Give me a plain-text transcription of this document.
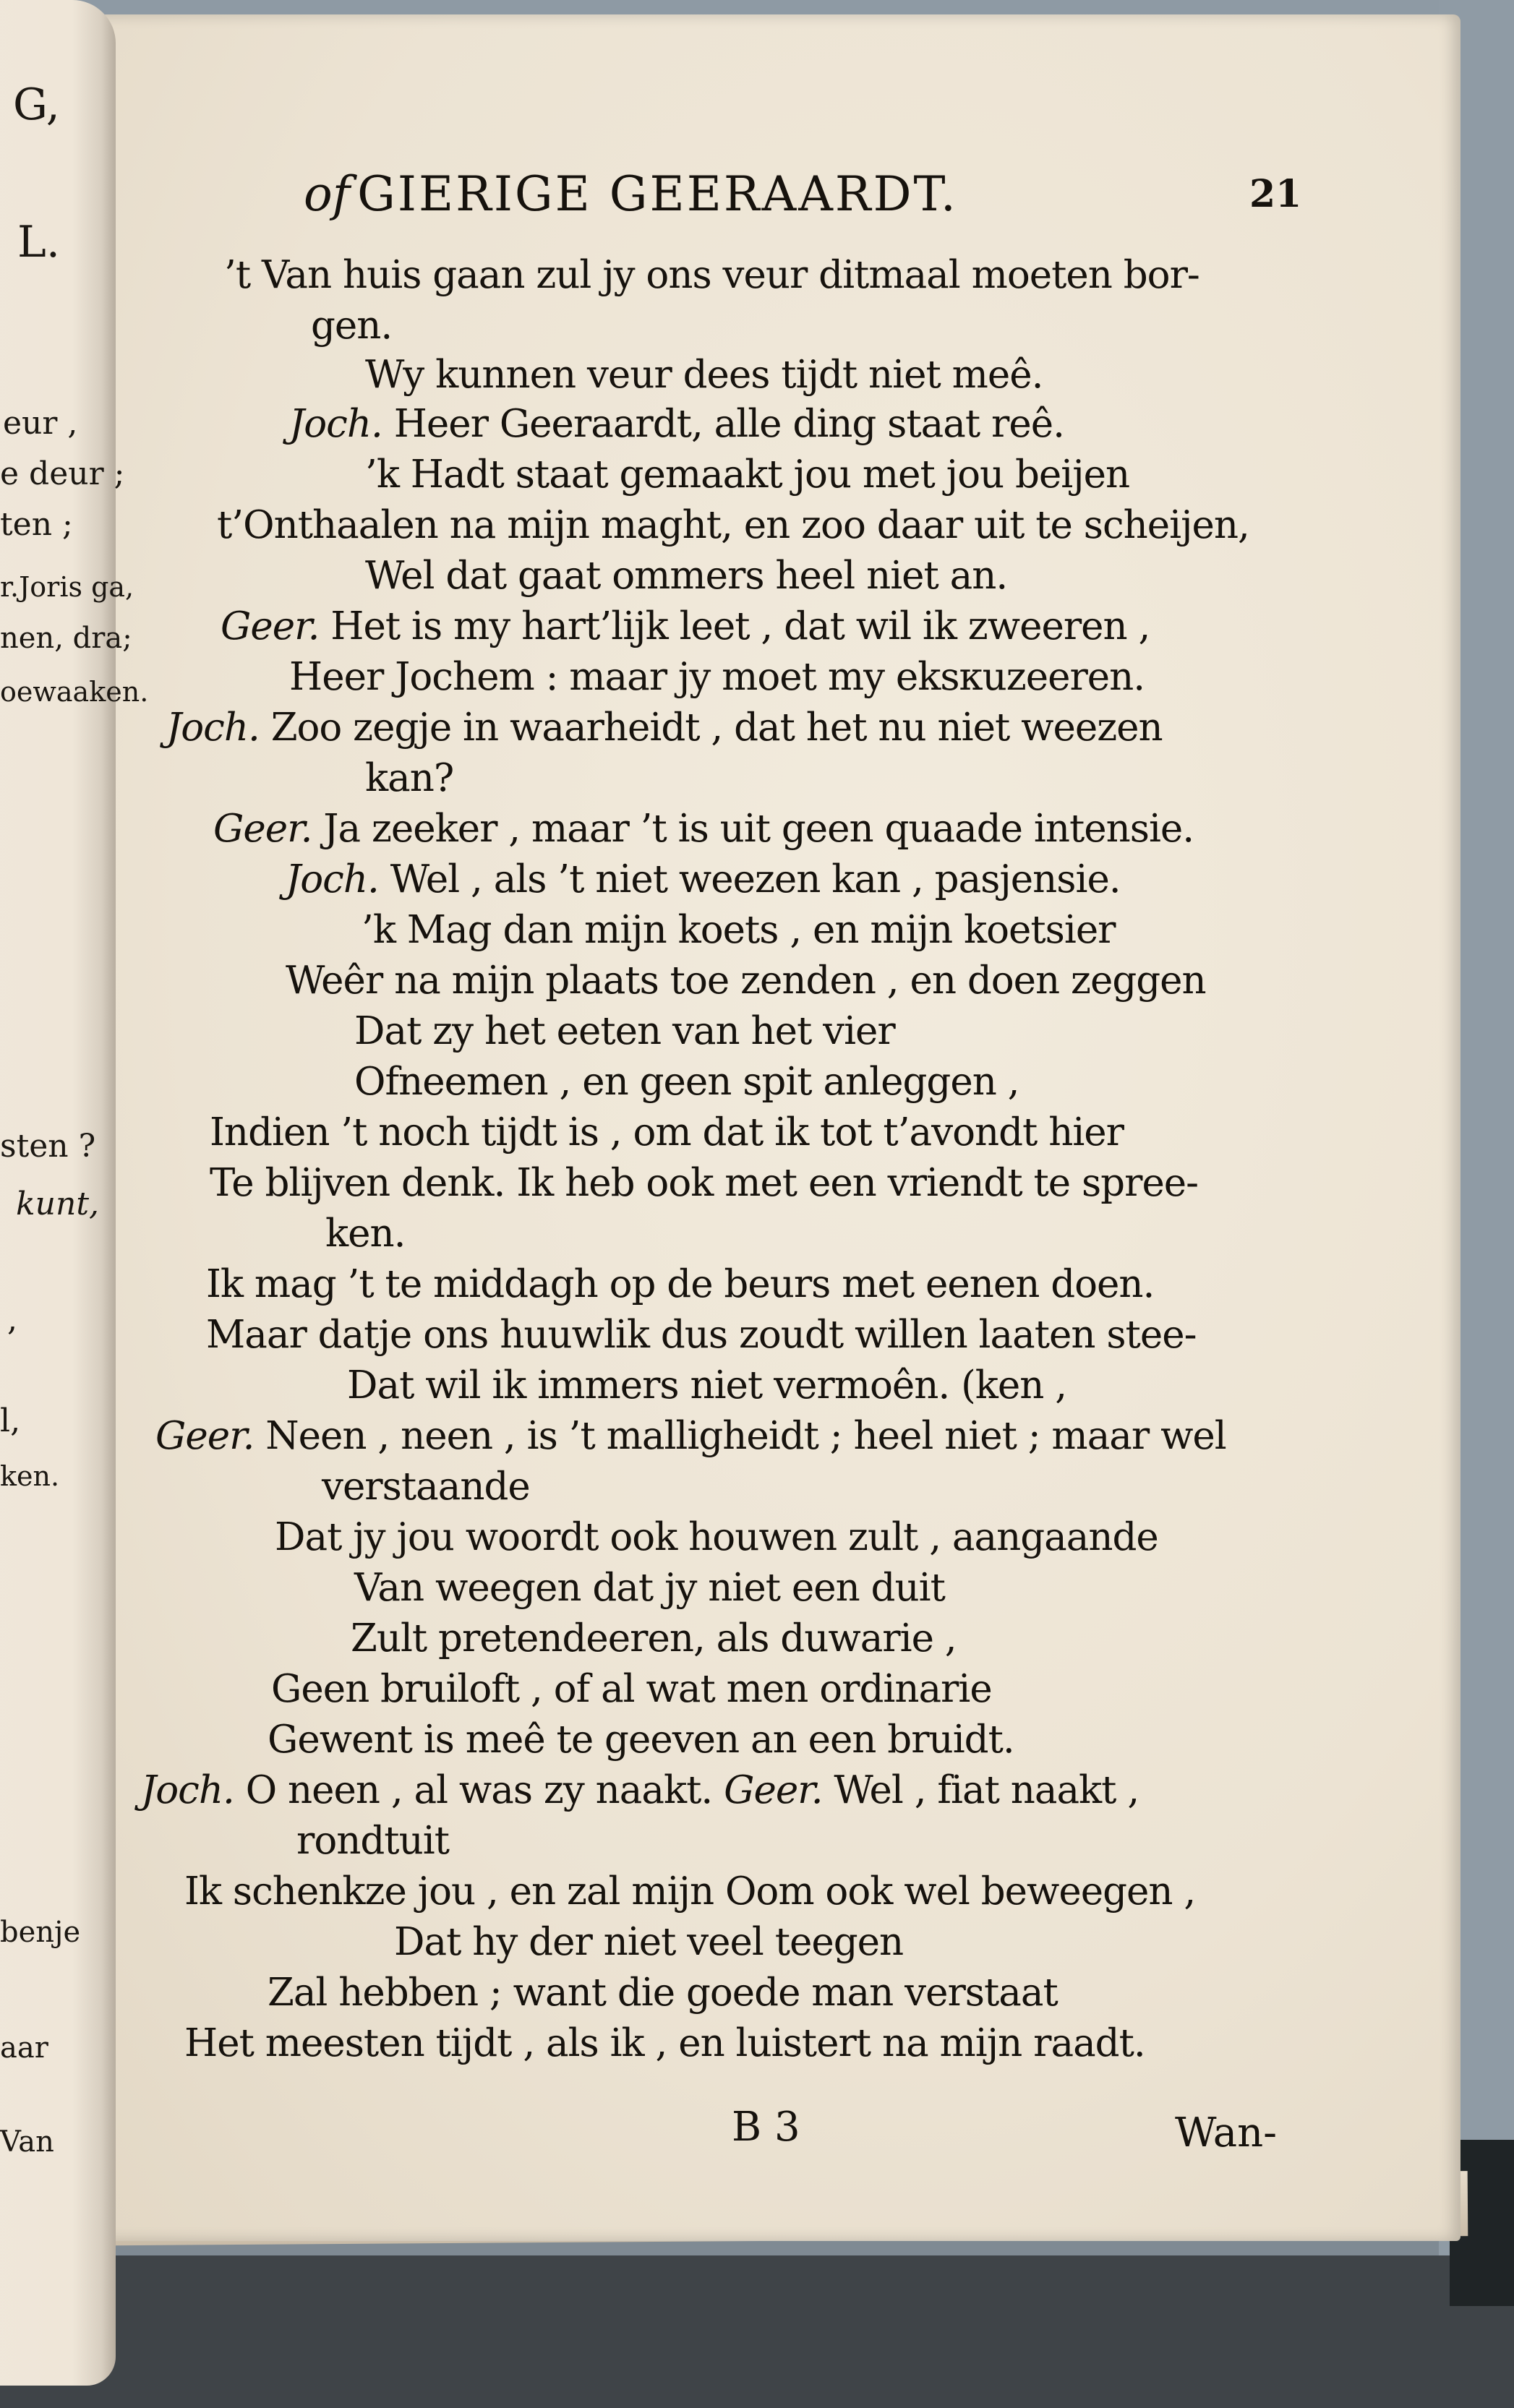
G,
L.
eur ,
e deur ;
ten ;
r.Joris ga,
nen, dra;
oewaaken.
sten ?
kunt,
,
l,
ken.
benje
aar
Van
of GIERIGE GEERAARDT.	21
’t Van huis gaan zul jy ons veur ditmaal moeten bor-
gen.
Wy kunnen veur dees tijdt niet meê.
Joch. Heer Geeraardt, alle ding staat reê.
’k Hadt staat gemaakt jou met jou beijen
t’Onthaalen na mijn maght, en zoo daar uit te scheijen,
Wel dat gaat ommers heel niet an.
Geer. Het is my hart’lijk leet , dat wil ik zweeren ,
Heer Jochem : maar jy moet my eksкuzeeren.
Joch. Zoo zegje in waarheidt , dat het nu niet weezen
kan?
Geer. Ja zeeker , maar ’t is uit geen quaade intensie.
Joch. Wel , als ’t niet weezen kan , pasjensie.
’k Mag dan mijn koets , en mijn koetsier
Weêr na mijn plaats toe zenden , en doen zeggen
Dat zy het eeten van het vier
Ofneemen , en geen spit anleggen ,
Indien ’t noch tijdt is , om dat ik tot t’avondt hier
Te blijven denk. Ik heb ook met een vriendt te spree-
ken.
Ik mag ’t te middagh op de beurs met eenen doen.
Maar datje ons huuwlik dus zoudt willen laaten stee-
Dat wil ik immers niet vermoên. (ken ,
Geer. Neen , neen , is ’t malligheidt ; heel niet ; maar wel
verstaande
Dat jy jou woordt ook houwen zult , aangaande
Van weegen dat jy niet een duit
Zult pretendeeren, als duwarie ,
Geen bruiloft , of al wat men ordinarie
Gewent is meê te geeven an een bruidt.
Joch. O neen , al was zy naakt. Geer. Wel , fiat naakt ,
rondtuit
Ik schenkze jou , en zal mijn Oom ook wel beweegen ,
Dat hy der niet veel teegen
Zal hebben ; want die goede man verstaat
Het meesten tijdt , als ik , en luistert na mijn raadt.
B 3	Wan-
